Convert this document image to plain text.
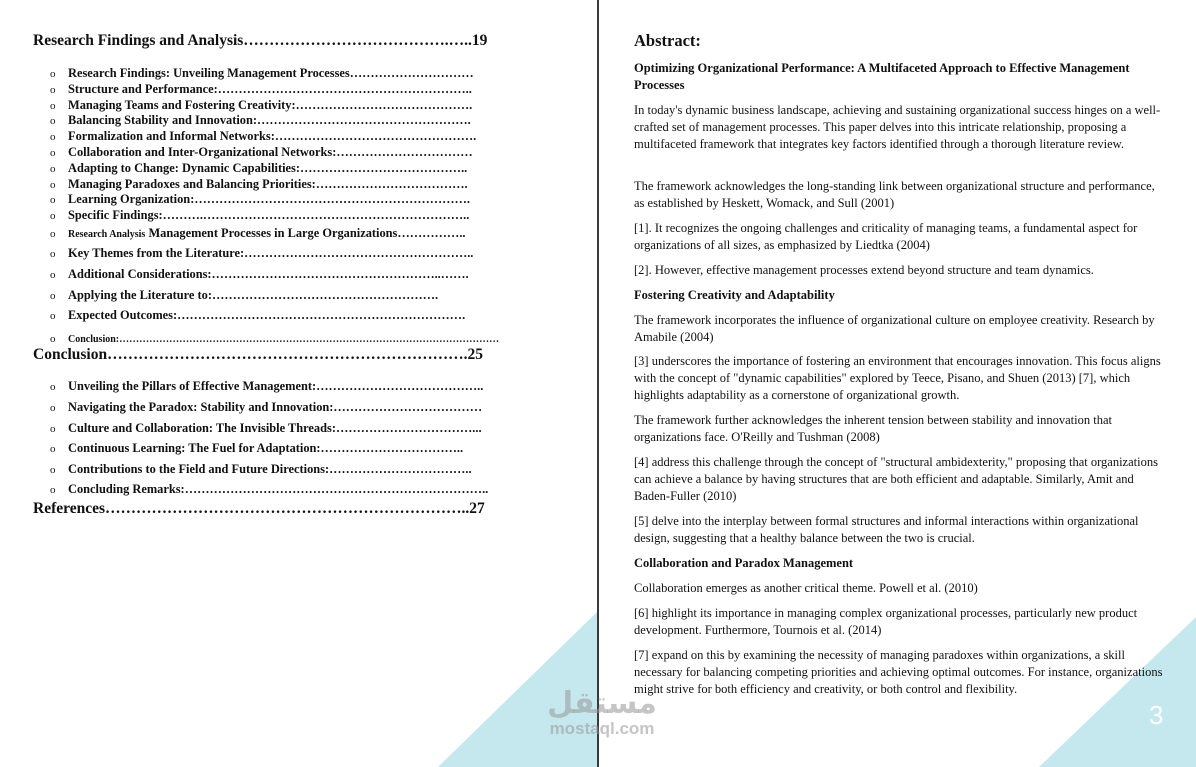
Research Findings and Analysis………………………………….…..19
o Research Findings: Unveiling Management Processes…………………………
o Structure and Performance:……………………………………………………..
o Managing Teams and Fostering Creativity:…………………………………….
o Balancing Stability and Innovation:…………………………………………….
o Formalization and Informal Networks:………………………………………….
o Collaboration and Inter-Organizational Networks:……………………………
o Adapting to Change: Dynamic Capabilities:…………………………………..
o Managing Paradoxes and Balancing Priorities:……………………………….
o Learning Organization:………………………………………………………….
o Specific Findings:……….………………………………………………………..
o Research Analysis Management Processes in Large Organizations……………..
o Key Themes from the Literature:………………………………………………..
o Additional Considerations:………………………………………………..…….
o Applying the Literature to:……………………………………………….
o Expected Outcomes:…………………………………………………………….
o Conclusion:……………………………………………………………………………………………………
Conclusion…………………………………………………………….25
o Unveiling the Pillars of Effective Management:…………………………………..
o Navigating the Paradox: Stability and Innovation:………………………………
o Culture and Collaboration: The Invisible Threads:……………………………...
o Continuous Learning: The Fuel for Adaptation:……………………………..
o Contributions to the Field and Future Directions:……………………………..
o Concluding Remarks:………………………………………………………………..
References……………………………………………………………..27
Abstract:
Optimizing Organizational Performance: A Multifaceted Approach to Effective Management Processes
In today's dynamic business landscape, achieving and sustaining organizational success hinges on a well-crafted set of management processes. This paper delves into this intricate relationship, proposing a multifaceted framework that integrates key factors identified through a thorough literature review.
The framework acknowledges the long-standing link between organizational structure and performance, as established by Heskett, Womack, and Sull (2001)
[1]. It recognizes the ongoing challenges and criticality of managing teams, a fundamental aspect for organizations of all sizes, as emphasized by Liedtka (2004)
[2]. However, effective management processes extend beyond structure and team dynamics.
Fostering Creativity and Adaptability
The framework incorporates the influence of organizational culture on employee creativity. Research by Amabile (2004)
[3] underscores the importance of fostering an environment that encourages innovation. This focus aligns with the concept of "dynamic capabilities" explored by Teece, Pisano, and Shuen (2013) [7], which highlights adaptability as a cornerstone of organizational growth.
The framework further acknowledges the inherent tension between stability and innovation that organizations face. O'Reilly and Tushman (2008)
[4] address this challenge through the concept of "structural ambidexterity," proposing that organizations can achieve a balance by having structures that are both efficient and adaptable. Similarly, Amit and Baden-Fuller (2010)
[5] delve into the interplay between formal structures and informal interactions within organizational design, suggesting that a healthy balance between the two is crucial.
Collaboration and Paradox Management
Collaboration emerges as another critical theme. Powell et al. (2010)
[6] highlight its importance in managing complex organizational processes, particularly new product development. Furthermore, Tournois et al. (2014)
[7] expand on this by examining the necessity of managing paradoxes within organizations, a skill necessary for balancing competing priorities and achieving optimal outcomes. For instance, organizations might strive for both efficiency and creativity, or both control and flexibility.
3
مستقل
mostaql.com
